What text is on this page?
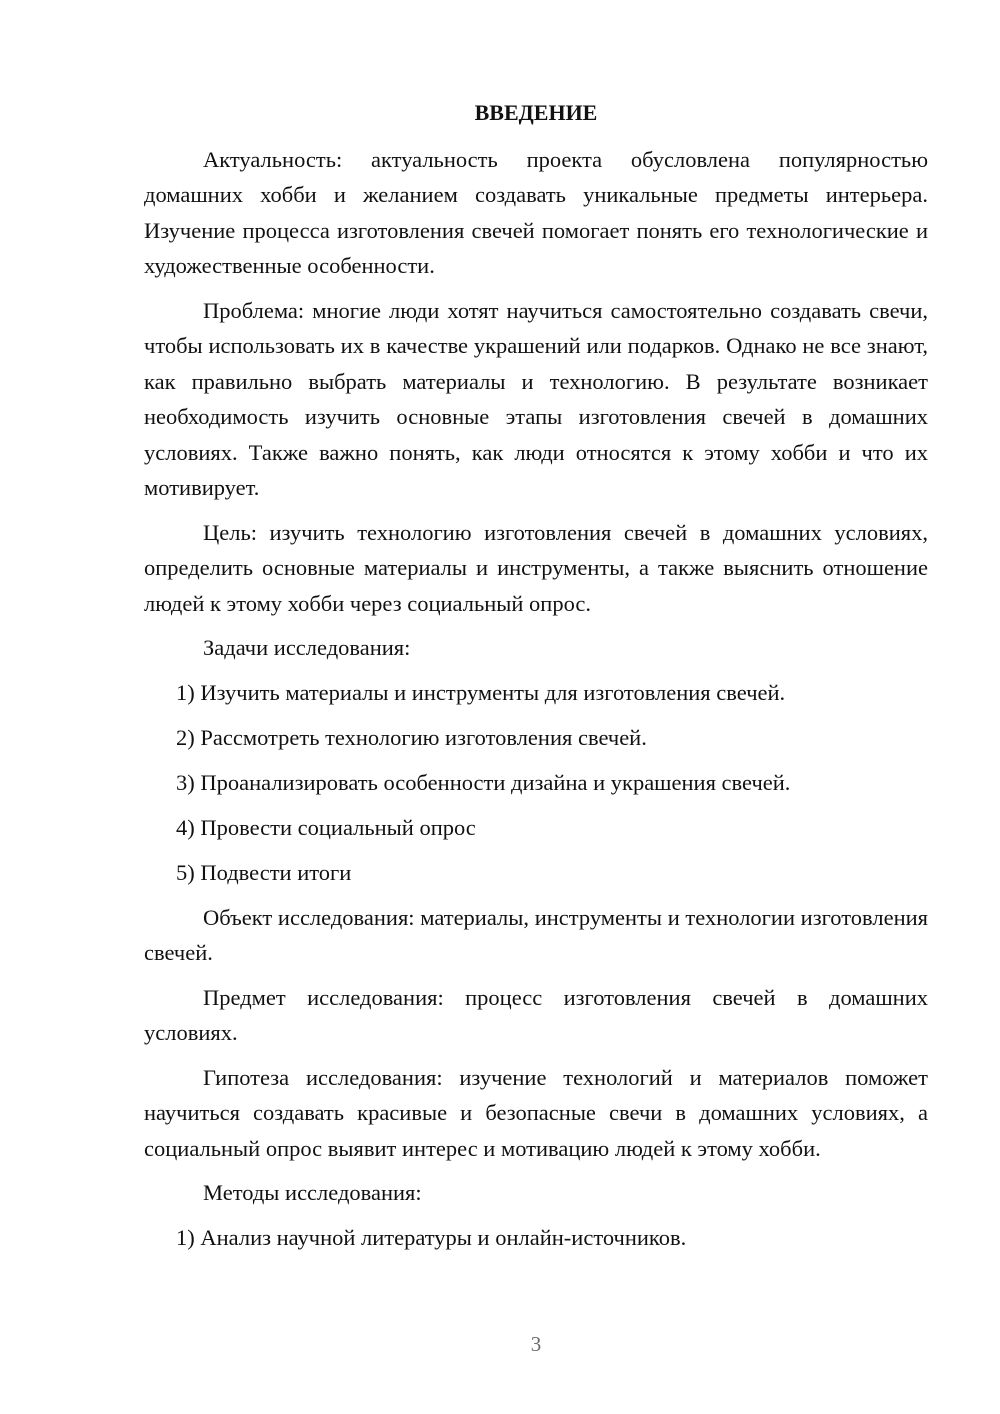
ВВЕДЕНИЕ

Актуальность: актуальность проекта обусловлена популярностью домашних хобби и желанием создавать уникальные предметы интерьера. Изучение процесса изготовления свечей помогает понять его технологические и художественные особенности.

Проблема: многие люди хотят научиться самостоятельно создавать свечи, чтобы использовать их в качестве украшений или подарков. Однако не все знают, как правильно выбрать материалы и технологию. В результате возникает необходимость изучить основные этапы изготовления свечей в домашних условиях. Также важно понять, как люди относятся к этому хобби и что их мотивирует.

Цель: изучить технологию изготовления свечей в домашних условиях, определить основные материалы и инструменты, а также выяснить отношение людей к этому хобби через социальный опрос.

Задачи исследования:

1) Изучить материалы и инструменты для изготовления свечей.
2) Рассмотреть технологию изготовления свечей.
3) Проанализировать особенности дизайна и украшения свечей.
4) Провести социальный опрос
5) Подвести итоги

Объект исследования: материалы, инструменты и технологии изготовления свечей.

Предмет исследования: процесс изготовления свечей в домашних условиях.

Гипотеза исследования: изучение технологий и материалов поможет научиться создавать красивые и безопасные свечи в домашних условиях, а социальный опрос выявит интерес и мотивацию людей к этому хобби.

Методы исследования:

1) Анализ научной литературы и онлайн-источников.
3
